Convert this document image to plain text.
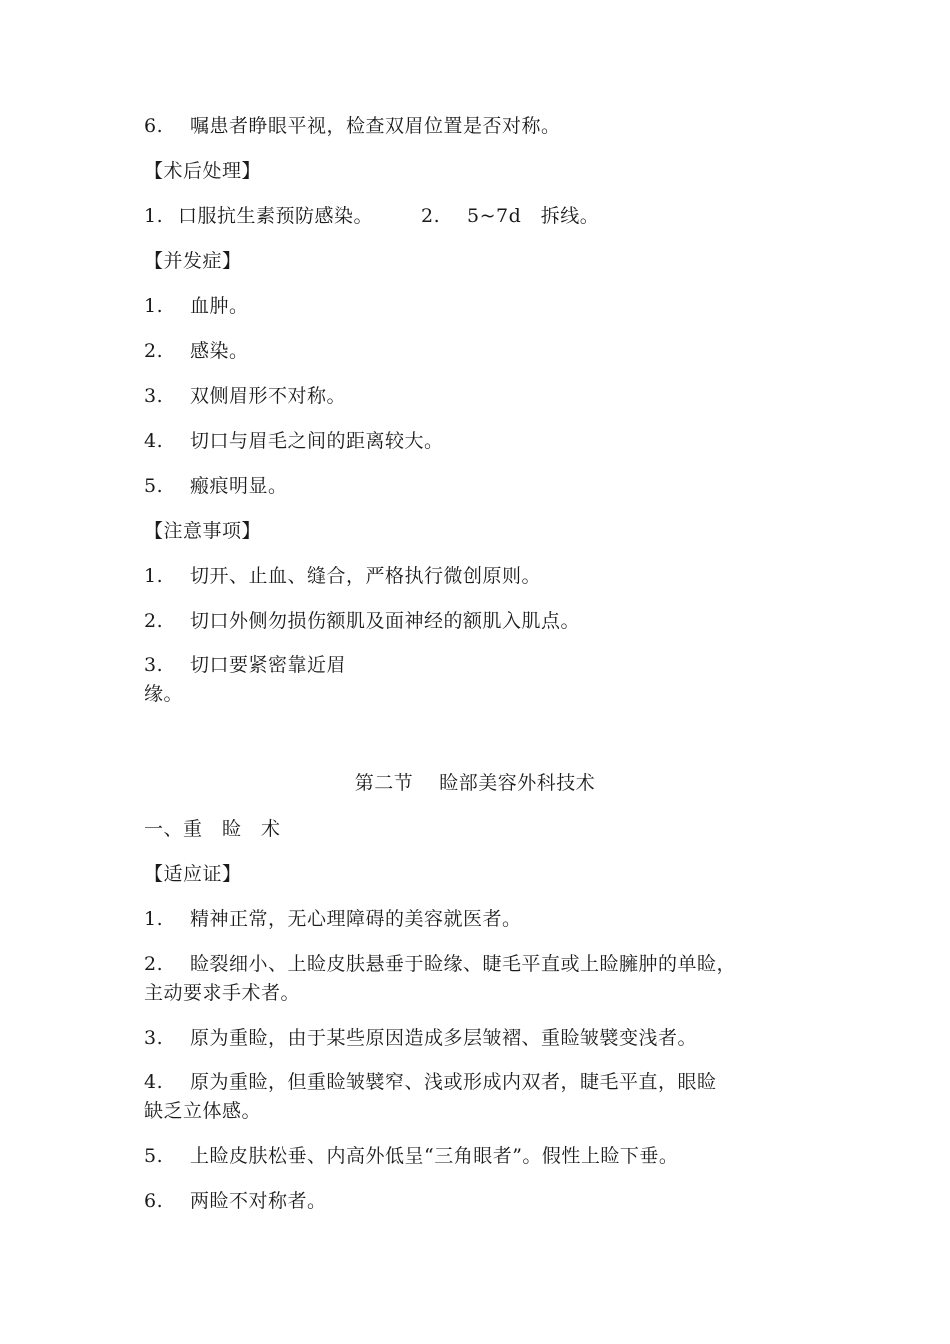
6. 嘱患者睁眼平视，检查双眉位置是否对称。
【术后处理】
1. 口服抗生素预防感染。	2. 5~7d　拆线。
【并发症】
1. 血肿。
2. 感染。
3. 双侧眉形不对称。
4. 切口与眉毛之间的距离较大。
5. 瘢痕明显。
【注意事项】
1. 切开、止血、缝合，严格执行微创原则。
2. 切口外侧勿损伤额肌及面神经的额肌入肌点。
3. 切口要紧密靠近眉
缘。
第二节　 睑部美容外科技术
一、重　睑　术
【适应证】
1. 精神正常，无心理障碍的美容就医者。
2. 睑裂细小、上睑皮肤悬垂于睑缘、睫毛平直或上睑臃肿的单睑，
主动要求手术者。
3. 原为重睑，由于某些原因造成多层皱褶、重睑皱襞变浅者。
4. 原为重睑，但重睑皱襞窄、浅或形成内双者，睫毛平直，眼睑
缺乏立体感。
5. 上睑皮肤松垂、内高外低呈“三角眼者”。假性上睑下垂。
6. 两睑不对称者。
